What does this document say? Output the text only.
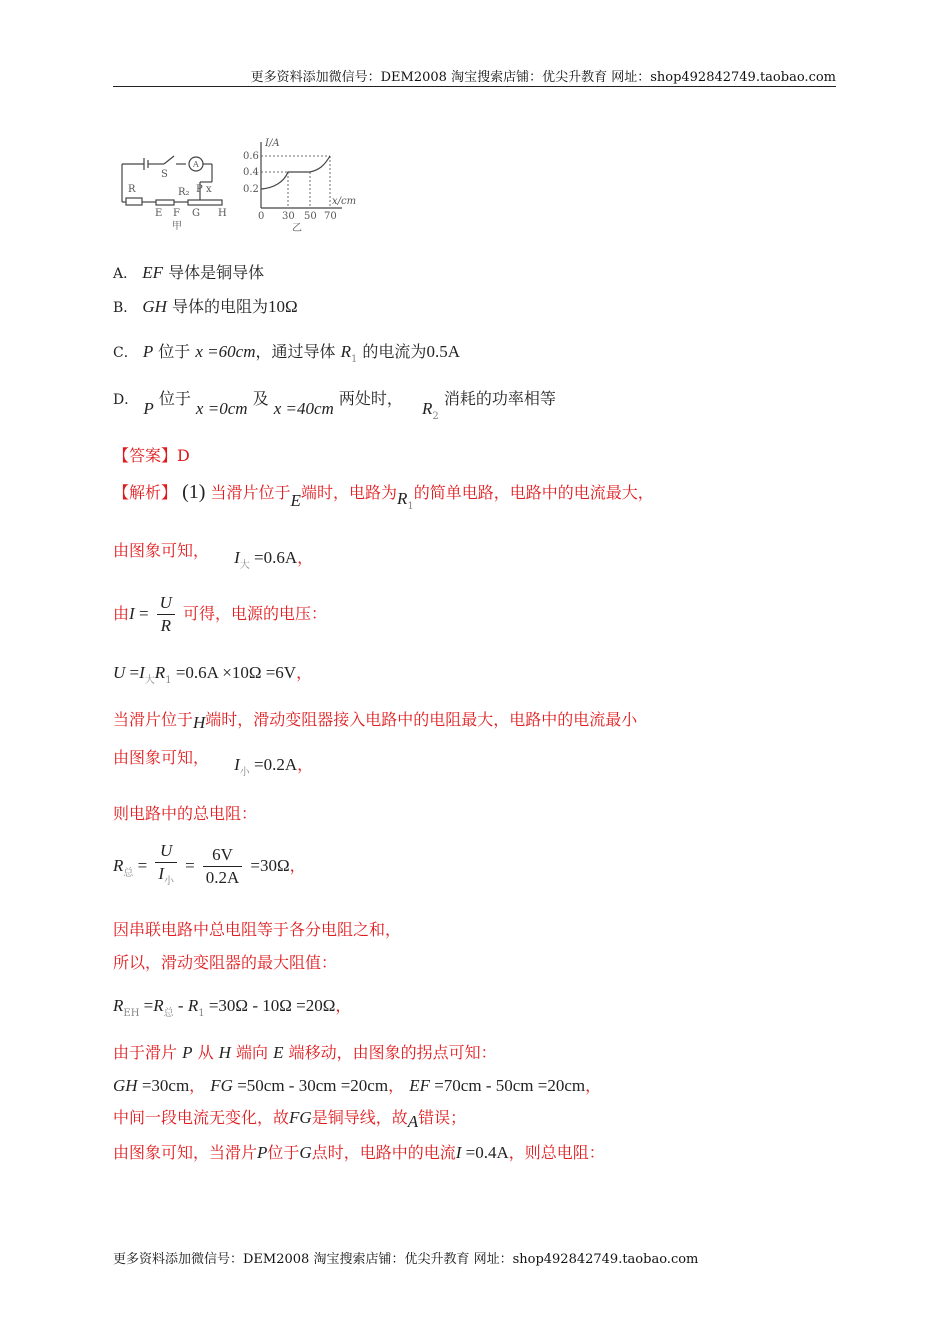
更多资料添加微信号：DEM2008 淘宝搜索店铺：优尖升教育 网址：shop492842749.taobao.com
R
S
A
R₂ P x
E F G H
甲
I/A
x/cm
0.6
0.4
0.2
0 30 50 70
乙
A． EF 导体是铜导体
B． GH 导体的电阻为10Ω
C． P 位于 x =60cm，通过导体 $R_1$ 的电流为0.5A
D． P 位于 x =0cm 及 x =40cm 两处时， $R_2$ 消耗的功率相等
【答案】D
【解析】 (1) 当滑片位于E端时，电路为$R_1$的简单电路，电路中的电流最大，
由图象可知， $I_大 =0.6A$，
由$I = \frac{U}{R}$ 可得，电源的电压：
$U =I_大R_1 =0.6A \times 10\Omega =6V$，
当滑片位于H端时，滑动变阻器接入电路中的电阻最大，电路中的电流最小
由图象可知， $I_小 =0.2A$，
则电路中的总电阻：
$R_总 = \frac{U}{I_小} = \frac{6V}{0.2A} =30\Omega$，
因串联电路中总电阻等于各分电阻之和，
所以，滑动变阻器的最大阻值：
$R_{EH} =R_总 - R_1 =30\Omega - 10\Omega =20\Omega$，
由于滑片 P 从 H 端向 E 端移动，由图象的拐点可知：
GH =30cm， FG =50cm - 30cm =20cm， EF =70cm - 50cm =20cm，
中间一段电流无变化，故FG是铜导线，故A错误；
由图象可知，当滑片P位于G点时，电路中的电流I =0.4A，则总电阻：
更多资料添加微信号：DEM2008 淘宝搜索店铺：优尖升教育 网址：shop492842749.taobao.com
